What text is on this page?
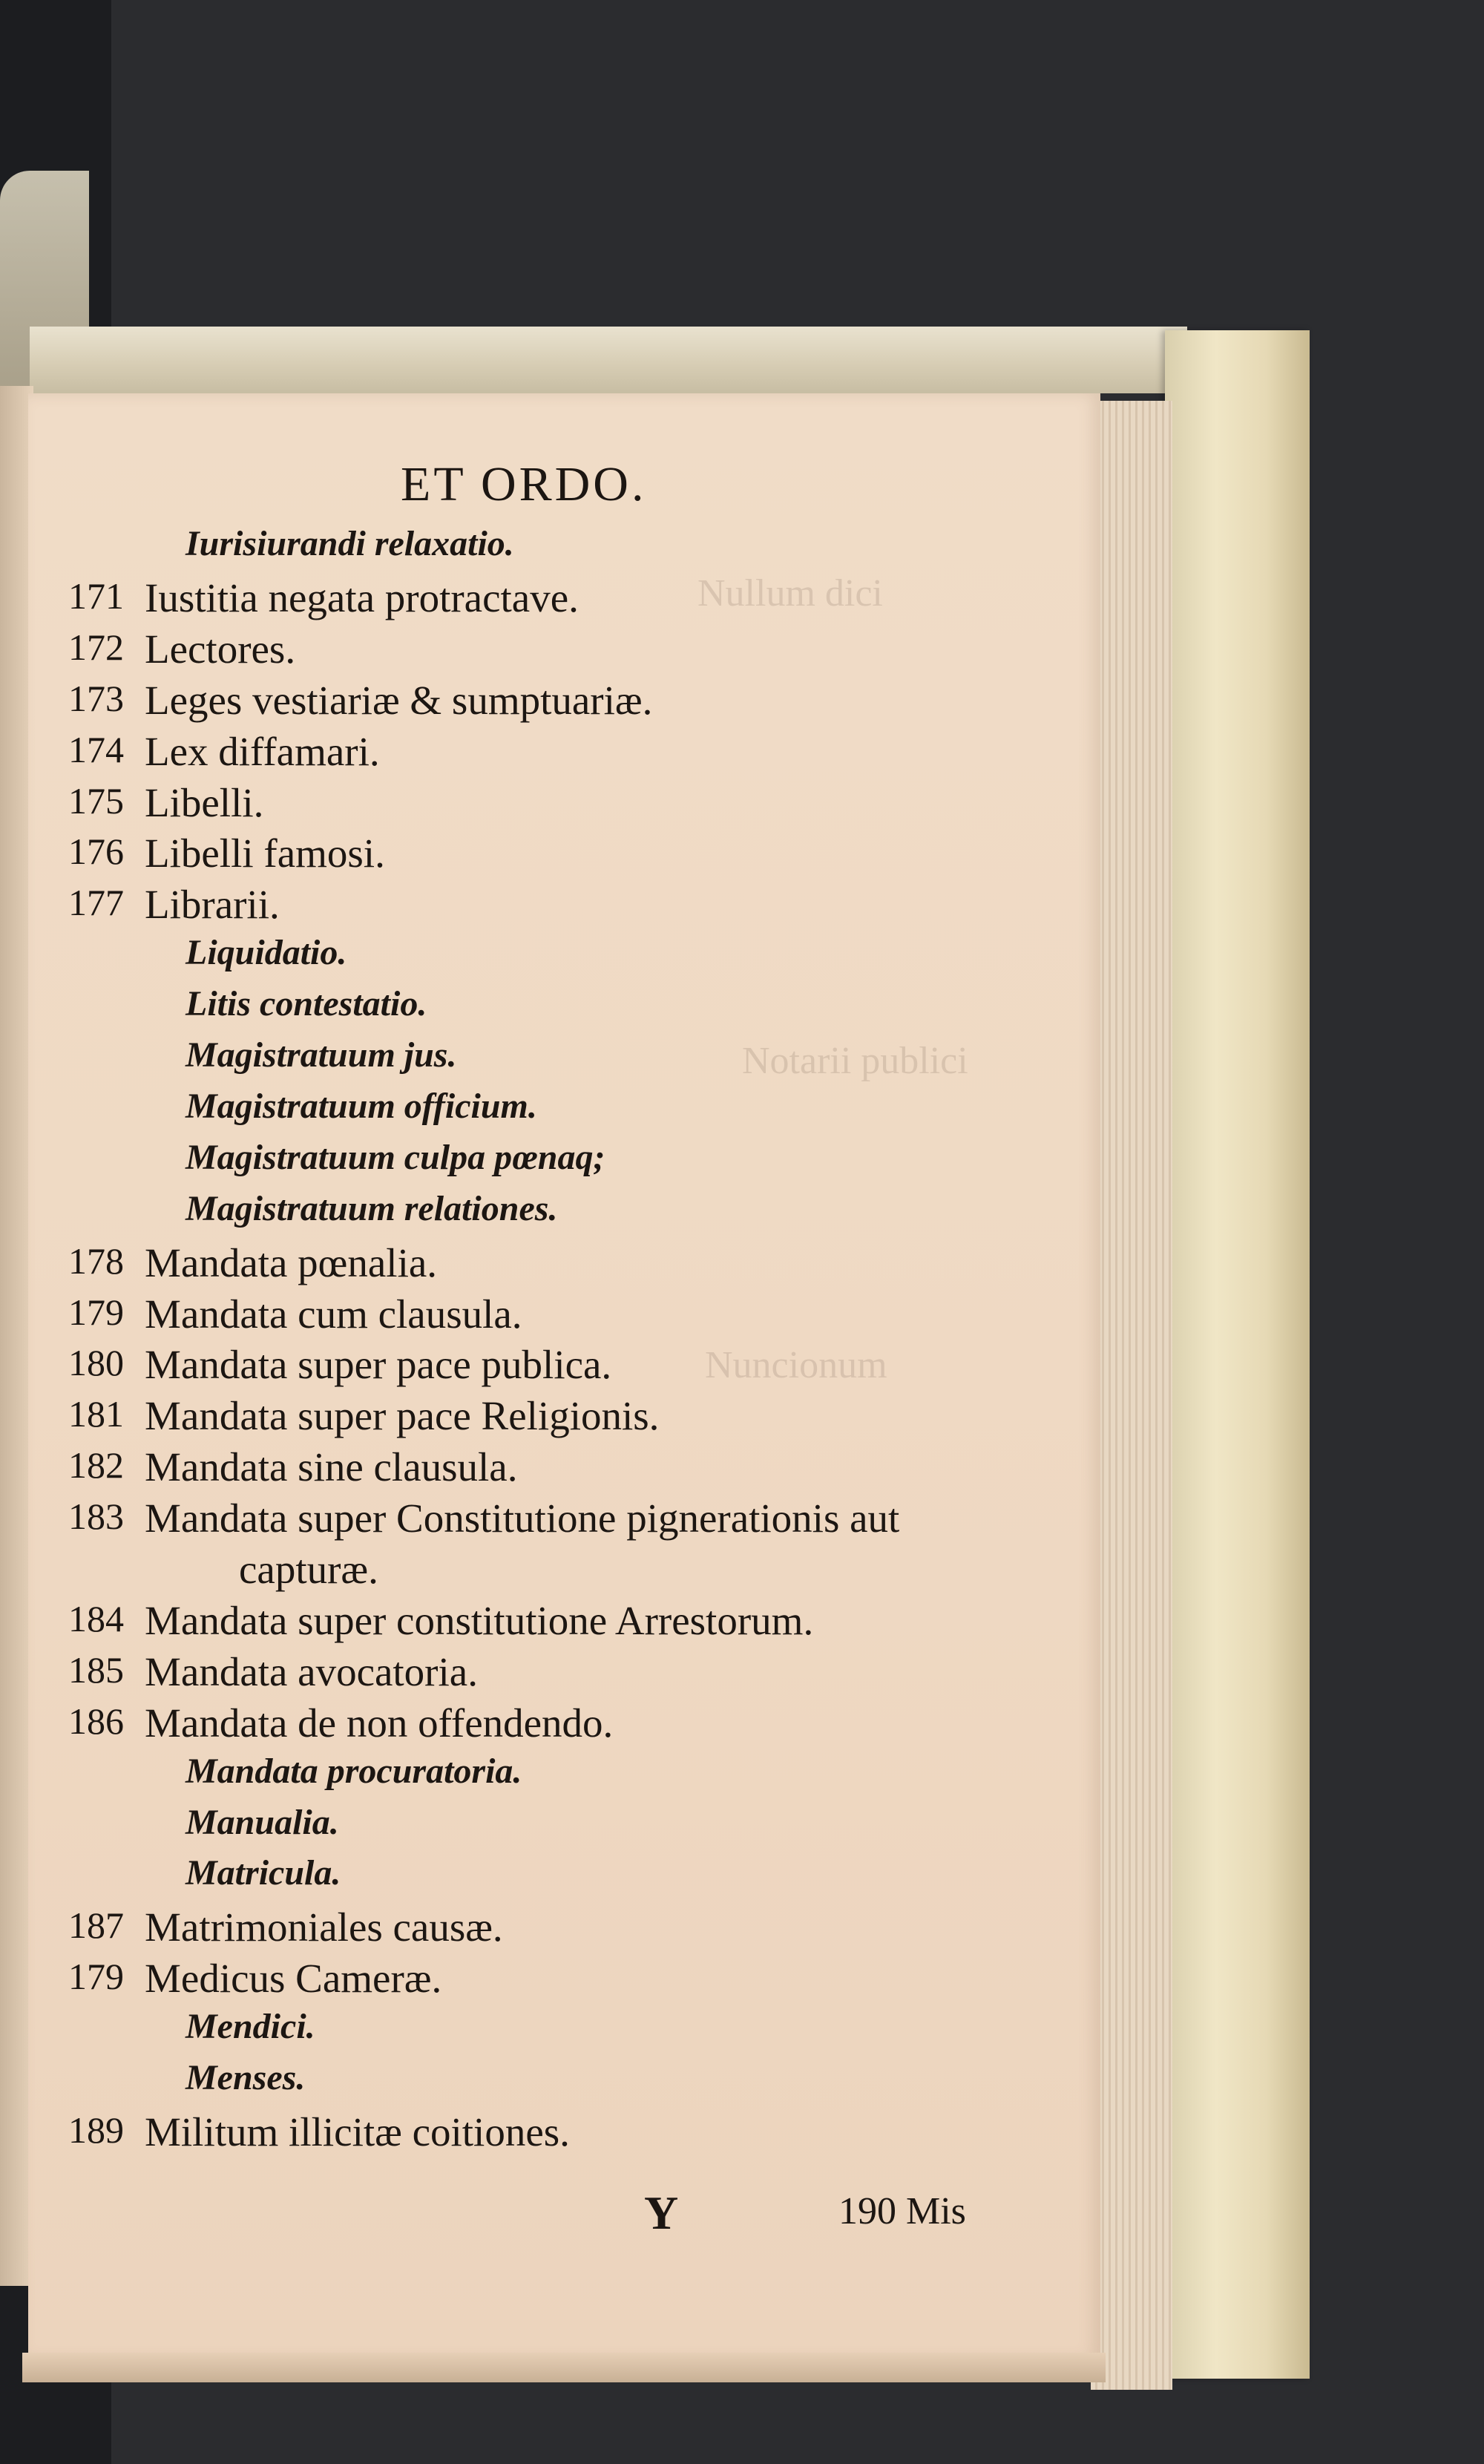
Nullum dici
Notarii publici
Nuncionum
ET ORDO.
Iurisiurandi relaxatio.
171 Iustitia negata protractave.
172 Lectores.
173 Leges vestiariæ & sumptuariæ.
174 Lex diffamari.
175 Libelli.
176 Libelli famosi.
177 Librarii.
Liquidatio.
Litis contestatio.
Magistratuum jus.
Magistratuum officium.
Magistratuum culpa pœnaq;
Magistratuum relationes.
178 Mandata pœnalia.
179 Mandata cum clausula.
180 Mandata super pace publica.
181 Mandata super pace Religionis.
182 Mandata sine clausula.
183 Mandata super Constitutione pignerationis aut
capturæ.
184 Mandata super constitutione Arrestorum.
185 Mandata avocatoria.
186 Mandata de non offendendo.
Mandata procuratoria.
Manualia.
Matricula.
187 Matrimoniales causæ.
179 Medicus Cameræ.
Mendici.
Menses.
189 Militum illicitæ coitiones.
Y	190 Mis
